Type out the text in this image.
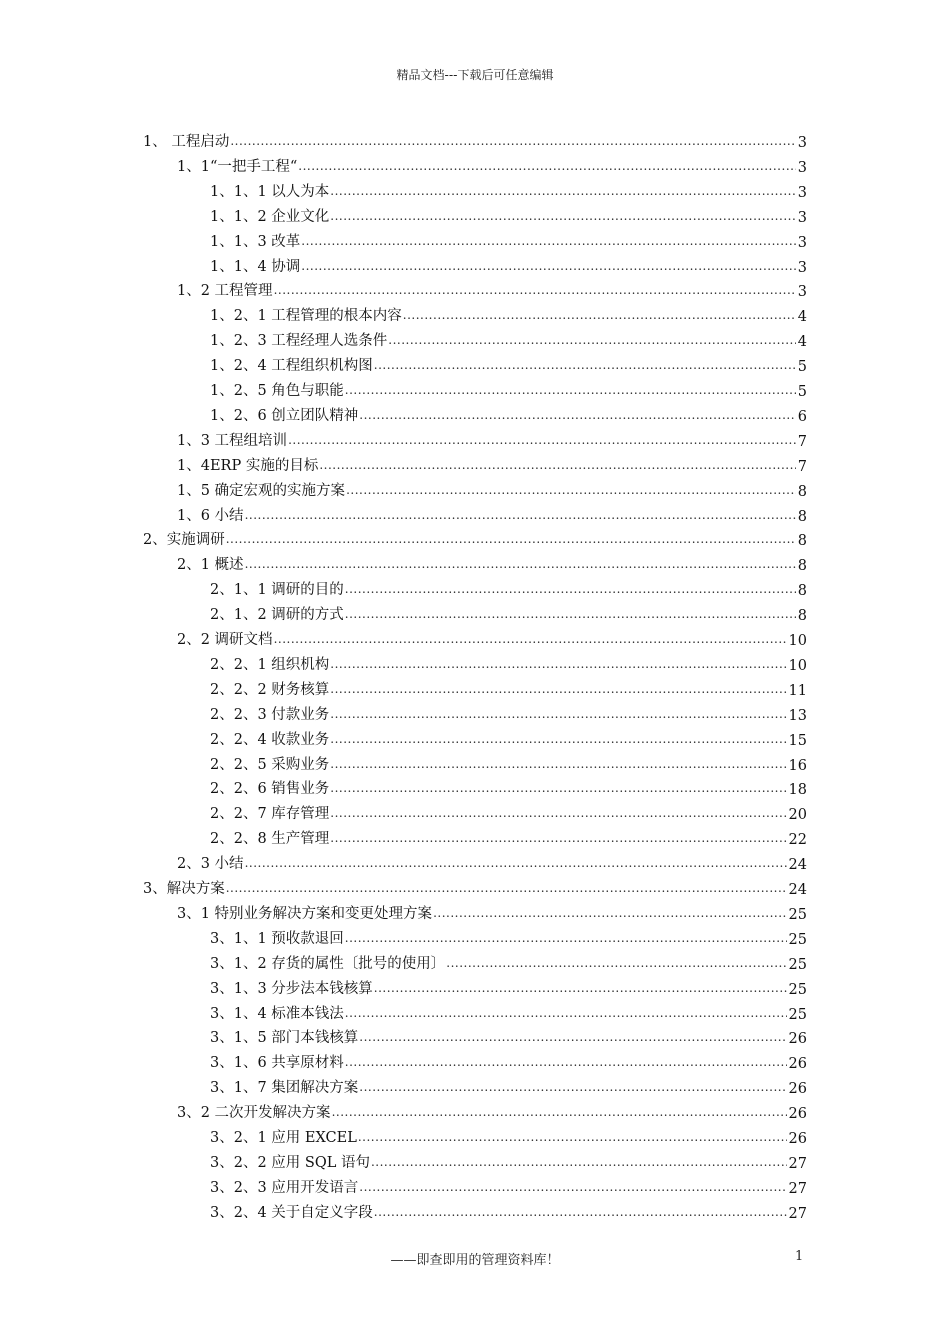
精品文档---下载后可任意编辑
1、 工程启动 .....	3
1、1“一把手工程“ .....	3
1、1、1 以人为本 .....	3
1、1、2 企业文化 .....	3
1、1、3 改革 .....	3
1、1、4 协调 .....	3
1、2 工程管理 .....	3
1、2、1 工程管理的根本内容 .....	4
1、2、3 工程经理人选条件 .....	4
1、2、4 工程组织机构图 .....	5
1、2、5 角色与职能 .....	5
1、2、6 创立团队精神 .....	6
1、3 工程组培训 .....	7
1、4ERP 实施的目标 .....	7
1、5 确定宏观的实施方案 .....	8
1、6 小结 .....	8
2、实施调研 .....	8
2、1 概述 .....	8
2、1、1 调研的目的 .....	8
2、1、2 调研的方式 .....	8
2、2 调研文档 .....	10
2、2、1 组织机构 .....	10
2、2、2 财务核算 .....	11
2、2、3 付款业务 .....	13
2、2、4 收款业务 .....	15
2、2、5 采购业务 .....	16
2、2、6 销售业务 .....	18
2、2、7 库存管理 .....	20
2、2、8 生产管理 .....	22
2、3 小结 .....	24
3、解决方案 .....	24
3、1 特别业务解决方案和变更处理方案 .....	25
3、1、1 预收款退回 .....	25
3、1、2 存货的属性〔批号的使用〕 .....	25
3、1、3 分步法本钱核算 .....	25
3、1、4 标准本钱法 .....	25
3、1、5 部门本钱核算 .....	26
3、1、6 共享原材料 .....	26
3、1、7 集团解决方案 .....	26
3、2 二次开发解决方案 .....	26
3、2、1 应用 EXCEL .....	26
3、2、2 应用 SQL 语句 .....	27
3、2、3 应用开发语言 .....	27
3、2、4 关于自定义字段 .....	27
——即查即用的管理资料库！	1
